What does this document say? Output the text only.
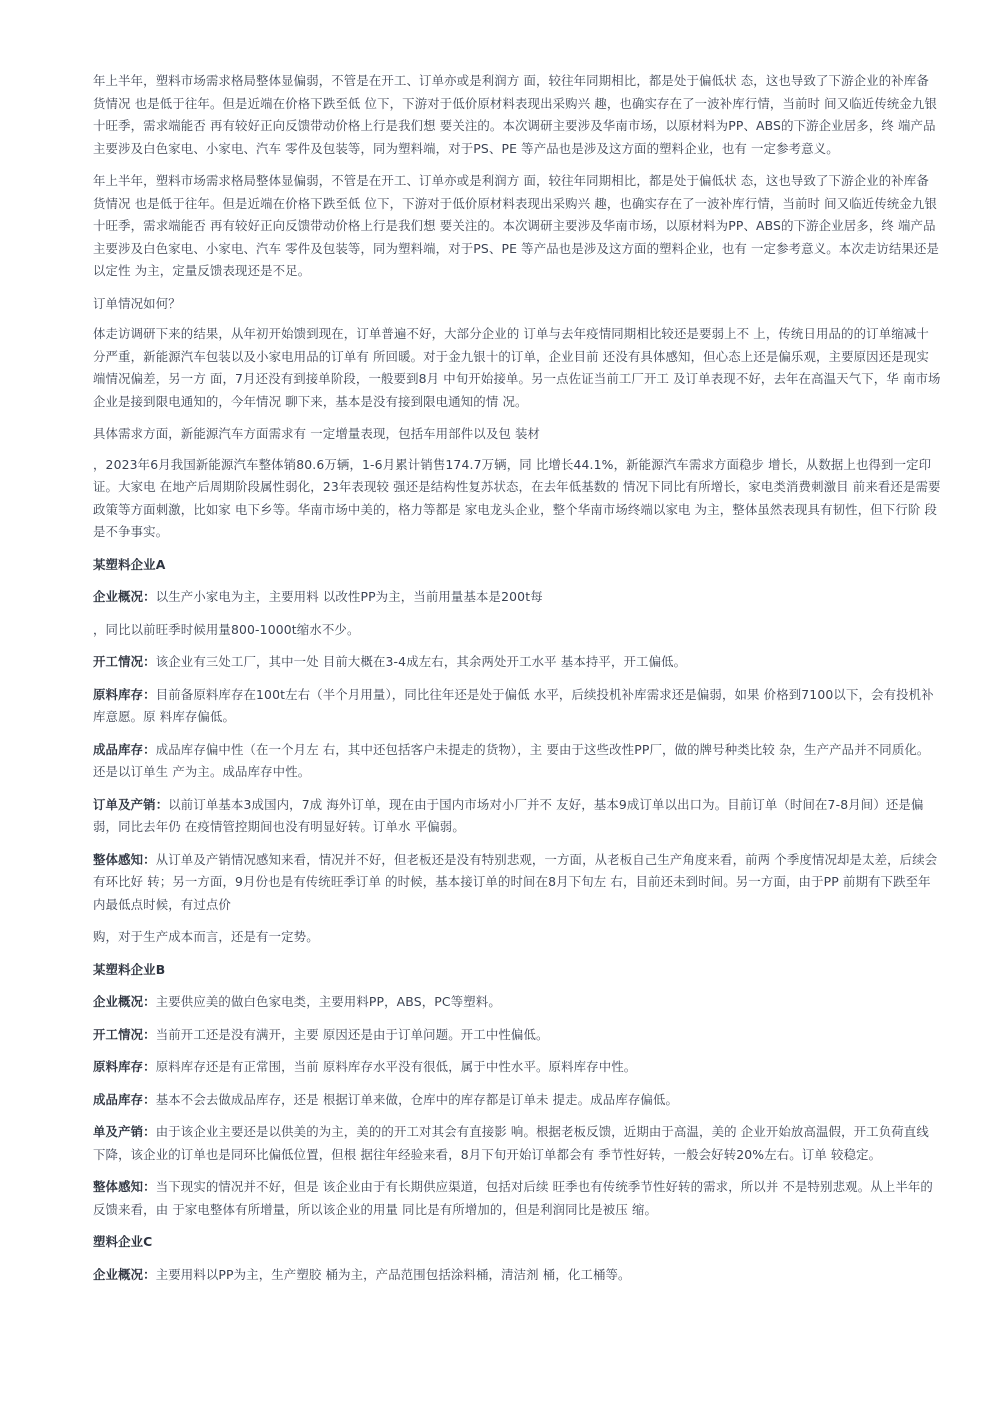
年上半年，塑料市场需求格局整体显偏弱，不管是在开工、订单亦或是利润方 面，较往年同期相比，都是处于偏低状 态，这也导致了下游企业的补库备货情况 也是低于往年。但是近端在价格下跌至低 位下，下游对于低价原材料表现出采购兴 趣，也确实存在了一波补库行情，当前时 间又临近传统金九银十旺季，需求端能否 再有较好正向反馈带动价格上行是我们想 要关注的。本次调研主要涉及华南市场，以原材料为PP、ABS的下游企业居多，终 端产品主要涉及白色家电、小家电、汽车 零件及包装等，同为塑料端，对于PS、PE 等产品也是涉及这方面的塑料企业，也有 一定参考意义。

年上半年，塑料市场需求格局整体显偏弱，不管是在开工、订单亦或是利润方 面，较往年同期相比，都是处于偏低状 态，这也导致了下游企业的补库备货情况 也是低于往年。但是近端在价格下跌至低 位下，下游对于低价原材料表现出采购兴 趣，也确实存在了一波补库行情，当前时 间又临近传统金九银十旺季，需求端能否 再有较好正向反馈带动价格上行是我们想 要关注的。本次调研主要涉及华南市场，以原材料为PP、ABS的下游企业居多，终 端产品主要涉及白色家电、小家电、汽车 零件及包装等，同为塑料端，对于PS、PE 等产品也是涉及这方面的塑料企业，也有 一定参考意义。本次走访结果还是以定性 为主，定量反馈表现还是不足。

订单情况如何？

体走访调研下来的结果，从年初开始馈到现在，订单普遍不好，大部分企业的 订单与去年疫情同期相比较还是要弱上不 上，传统日用品的的订单缩减十分严重，新能源汽车包装以及小家电用品的订单有 所回暖。对于金九银十的订单，企业目前 还没有具体感知，但心态上还是偏乐观，主要原因还是现实端情况偏差，另一方 面，7月还没有到接单阶段，一般要到8月 中旬开始接单。另一点佐证当前工厂开工 及订单表现不好，去年在高温天气下，华 南市场企业是接到限电通知的，今年情况 聊下来，基本是没有接到限电通知的情 况。

具体需求方面，新能源汽车方面需求有 一定增量表现，包括车用部件以及包 装材

，2023年6月我国新能源汽车整体销80.6万辆，1-6月累计销售174.7万辆，同 比增长44.1%，新能源汽车需求方面稳步 增长，从数据上也得到一定印证。大家电 在地产后周期阶段属性弱化，23年表现较 强还是结构性复苏状态，在去年低基数的 情况下同比有所增长，家电类消费刺激目 前来看还是需要政策等方面刺激，比如家 电下乡等。华南市场中美的，格力等都是 家电龙头企业，整个华南市场终端以家电 为主，整体虽然表现具有韧性，但下行阶 段是不争事实。

某塑料企业A

企业概况：以生产小家电为主，主要用料 以改性PP为主，当前用量基本是200t每

，同比以前旺季时候用量800-1000t缩水不少。

开工情况：该企业有三处工厂，其中一处 目前大概在3-4成左右，其余两处开工水平 基本持平，开工偏低。

原料库存：目前备原料库存在100t左右（半个月用量），同比往年还是处于偏低 水平，后续投机补库需求还是偏弱，如果 价格到7100以下，会有投机补库意愿。原 料库存偏低。

成品库存：成品库存偏中性（在一个月左 右，其中还包括客户未提走的货物），主 要由于这些改性PP厂，做的牌号种类比较 杂，生产产品并不同质化。还是以订单生 产为主。成品库存中性。

订单及产销：以前订单基本3成国内，7成 海外订单，现在由于国内市场对小厂并不 友好，基本9成订单以出口为。目前订单（时间在7-8月间）还是偏弱，同比去年仍 在疫情管控期间也没有明显好转。订单水 平偏弱。

整体感知：从订单及产销情况感知来看，情况并不好，但老板还是没有特别悲观，一方面，从老板自己生产角度来看，前两 个季度情况却是太差，后续会有环比好 转；另一方面，9月份也是有传统旺季订单 的时候，基本接订单的时间在8月下旬左 右，目前还未到时间。另一方面，由于PP 前期有下跌至年内最低点时候，有过点价

购，对于生产成本而言，还是有一定势。

某塑料企业B

企业概况：主要供应美的做白色家电类，主要用料PP，ABS，PC等塑料。

开工情况：当前开工还是没有满开，主要 原因还是由于订单问题。开工中性偏低。

原料库存：原料库存还是有正常围，当前 原料库存水平没有很低，属于中性水平。原料库存中性。

成品库存：基本不会去做成品库存，还是 根据订单来做，仓库中的库存都是订单未 提走。成品库存偏低。

单及产销：由于该企业主要还是以供美的为主，美的的开工对其会有直接影 响。根据老板反馈，近期由于高温，美的 企业开始放高温假，开工负荷直线下降，该企业的订单也是同环比偏低位置，但根 据往年经验来看，8月下旬开始订单都会有 季节性好转，一般会好转20%左右。订单 较稳定。

整体感知：当下现实的情况并不好，但是 该企业由于有长期供应渠道，包括对后续 旺季也有传统季节性好转的需求，所以并 不是特别悲观。从上半年的反馈来看，由 于家电整体有所增量，所以该企业的用量 同比是有所增加的，但是利润同比是被压 缩。

塑料企业C

企业概况：主要用料以PP为主，生产塑胶 桶为主，产品范围包括涂料桶，清洁剂 桶，化工桶等。
